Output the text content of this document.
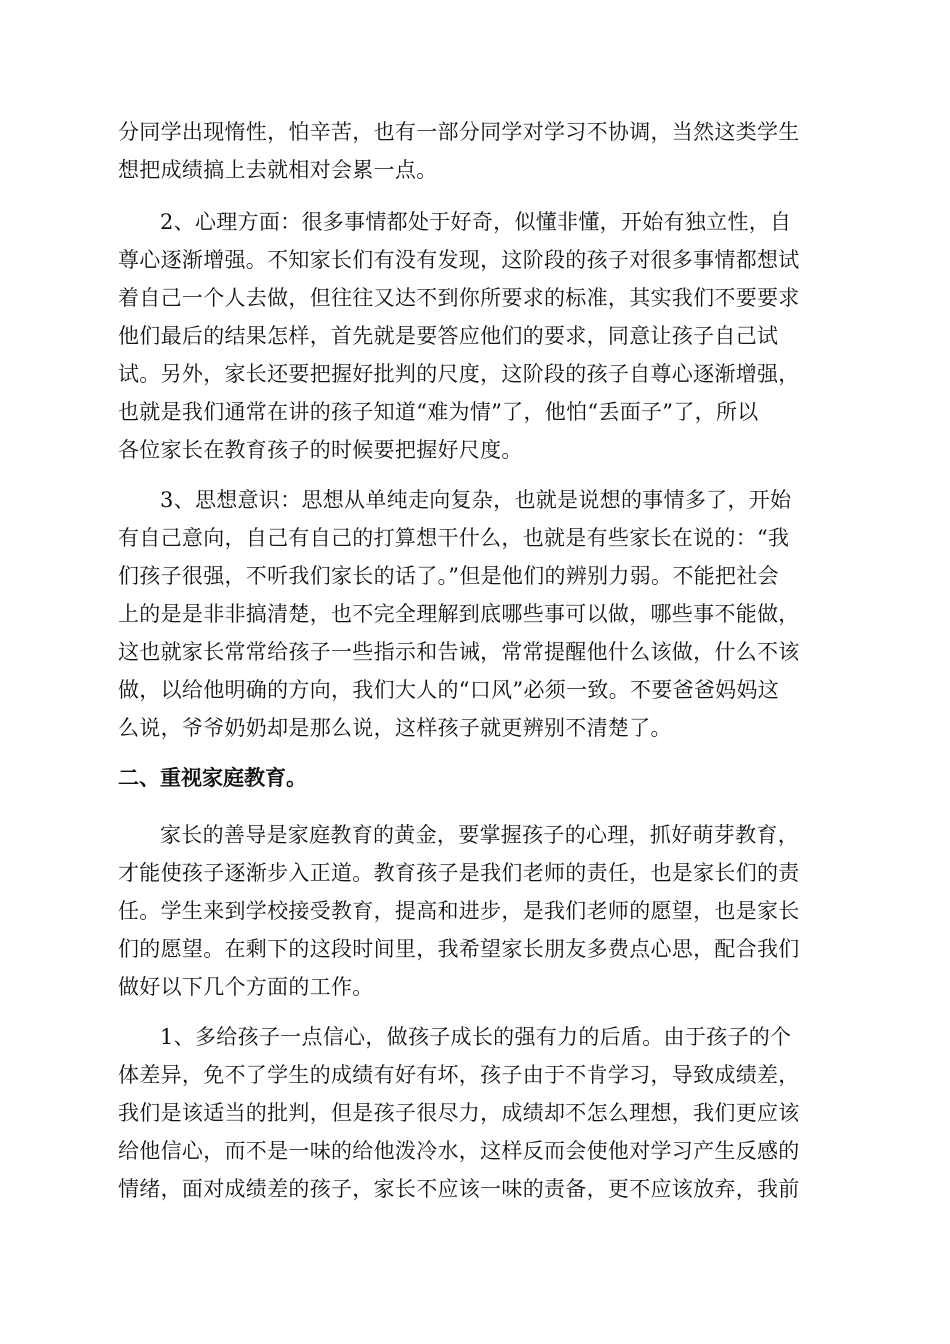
分同学出现惰性，怕辛苦，也有一部分同学对学习不协调，当然这类学生
想把成绩搞上去就相对会累一点。
2、心理方面：很多事情都处于好奇，似懂非懂，开始有独立性，自
尊心逐渐增强。不知家长们有没有发现，这阶段的孩子对很多事情都想试
着自己一个人去做，但往往又达不到你所要求的标准，其实我们不要要求
他们最后的结果怎样，首先就是要答应他们的要求，同意让孩子自己试
试。另外，家长还要把握好批判的尺度，这阶段的孩子自尊心逐渐增强，
也就是我们通常在讲的孩子知道“难为情”了，他怕“丢面子”了，所以
各位家长在教育孩子的时候要把握好尺度。
3、思想意识：思想从单纯走向复杂，也就是说想的事情多了，开始
有自己意向，自己有自己的打算想干什么，也就是有些家长在说的：“我
们孩子很强，不听我们家长的话了。”但是他们的辨别力弱。不能把社会
上的是是非非搞清楚，也不完全理解到底哪些事可以做，哪些事不能做，
这也就家长常常给孩子一些指示和告诫，常常提醒他什么该做，什么不该
做，以给他明确的方向，我们大人的“口风”必须一致。不要爸爸妈妈这
么说，爷爷奶奶却是那么说，这样孩子就更辨别不清楚了。
二、重视家庭教育。
家长的善导是家庭教育的黄金，要掌握孩子的心理，抓好萌芽教育，
才能使孩子逐渐步入正道。教育孩子是我们老师的责任，也是家长们的责
任。学生来到学校接受教育，提高和进步，是我们老师的愿望，也是家长
们的愿望。在剩下的这段时间里，我希望家长朋友多费点心思，配合我们
做好以下几个方面的工作。
1、多给孩子一点信心，做孩子成长的强有力的后盾。由于孩子的个
体差异，免不了学生的成绩有好有坏，孩子由于不肯学习，导致成绩差，
我们是该适当的批判，但是孩子很尽力，成绩却不怎么理想，我们更应该
给他信心，而不是一味的给他泼冷水，这样反而会使他对学习产生反感的
情绪，面对成绩差的孩子，家长不应该一味的责备，更不应该放弃，我前
